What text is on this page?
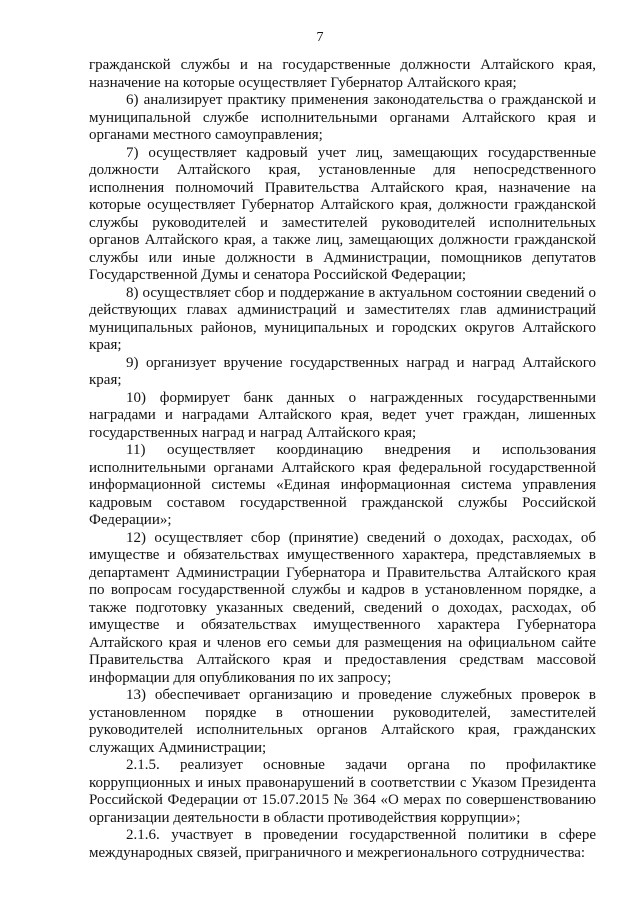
7

гражданской службы и на государственные должности Алтайского края, назначение на которые осуществляет Губернатор Алтайского края;

6) анализирует практику применения законодательства о гражданской и муниципальной службе исполнительными органами Алтайского края и органами местного самоуправления;

7) осуществляет кадровый учет лиц, замещающих государственные должности Алтайского края, установленные для непосредственного исполнения полномочий Правительства Алтайского края, назначение на которые осуществляет Губернатор Алтайского края, должности гражданской службы руководителей и заместителей руководителей исполнительных органов Алтайского края, а также лиц, замещающих должности гражданской службы или иные должности в Администрации, помощников депутатов Государственной Думы и сенатора Российской Федерации;

8) осуществляет сбор и поддержание в актуальном состоянии сведений о действующих главах администраций и заместителях глав администраций муниципальных районов, муниципальных и городских округов Алтайского края;

9) организует вручение государственных наград и наград Алтайского края;

10) формирует банк данных о награжденных государственными наградами и наградами Алтайского края, ведет учет граждан, лишенных государственных наград и наград Алтайского края;

11) осуществляет координацию внедрения и использования исполнительными органами Алтайского края федеральной государственной информационной системы «Единая информационная система управления кадровым составом государственной гражданской службы Российской Федерации»;

12) осуществляет сбор (принятие) сведений о доходах, расходах, об имуществе и обязательствах имущественного характера, представляемых в департамент Администрации Губернатора и Правительства Алтайского края по вопросам государственной службы и кадров в установленном порядке, а также подготовку указанных сведений, сведений о доходах, расходах, об имуществе и обязательствах имущественного характера Губернатора Алтайского края и членов его семьи для размещения на официальном сайте Правительства Алтайского края и предоставления средствам массовой информации для опубликования по их запросу;

13) обеспечивает организацию и проведение служебных проверок в установленном порядке в отношении руководителей, заместителей руководителей исполнительных органов Алтайского края, гражданских служащих Администрации;

2.1.5. реализует основные задачи органа по профилактике коррупционных и иных правонарушений в соответствии с Указом Президента Российской Федерации от 15.07.2015 № 364 «О мерах по совершенствованию организации деятельности в области противодействия коррупции»;

2.1.6. участвует в проведении государственной политики в сфере международных связей, приграничного и межрегионального сотрудничества:
